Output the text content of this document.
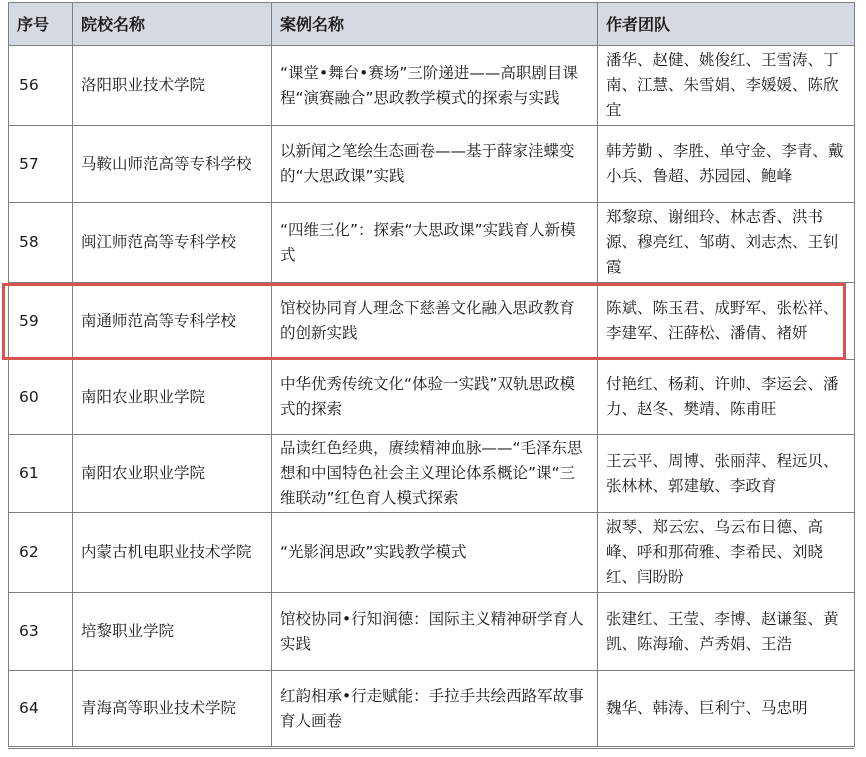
序号	院校名称	案例名称	作者团队
56	洛阳职业技术学院	“课堂•舞台•赛场”三阶递进——高职剧目课程“演赛融合”思政教学模式的探索与实践	潘华、赵健、姚俊红、王雪涛、丁南、江慧、朱雪娟、李媛媛、陈欣宜
57	马鞍山师范高等专科学校	以新闻之笔绘生态画卷——基于薛家洼蝶变的“大思政课”实践	韩芳勤 、李胜、单守金、李青、戴小兵、鲁超、苏园园、鲍峰
58	闽江师范高等专科学校	“四维三化”：探索“大思政课”实践育人新模式	郑黎琼、谢细玲、林志香、洪书源、穆亮红、邹萌、刘志杰、王钊霞
59	南通师范高等专科学校	馆校协同育人理念下慈善文化融入思政教育的创新实践	陈斌、陈玉君、成野军、张松祥、李建军、汪薛松、潘倩、褚妍
60	南阳农业职业学院	中华优秀传统文化“体验一实践”双轨思政模式的探索	付艳红、杨莉、许帅、李运会、潘力、赵冬、樊靖、陈甫旺
61	南阳农业职业学院	品读红色经典，赓续精神血脉——“毛泽东思想和中国特色社会主义理论体系概论”课“三维联动”红色育人模式探索	王云平、周博、张丽萍、程远贝、张林林、郭建敏、李政育
62	内蒙古机电职业技术学院	“光影润思政”实践教学模式	淑琴、郑云宏、乌云布日德、高峰、呼和那荷雅、李希民、刘晓红、闫盼盼
63	培黎职业学院	馆校协同•行知润德：国际主义精神研学育人实践	张建红、王莹、李博、赵谦玺、黄凯、陈海瑜、芦秀娟、王浩
64	青海高等职业技术学院	红韵相承•行走赋能：手拉手共绘西路军故事育人画卷	魏华、韩涛、巨利宁、马忠明
